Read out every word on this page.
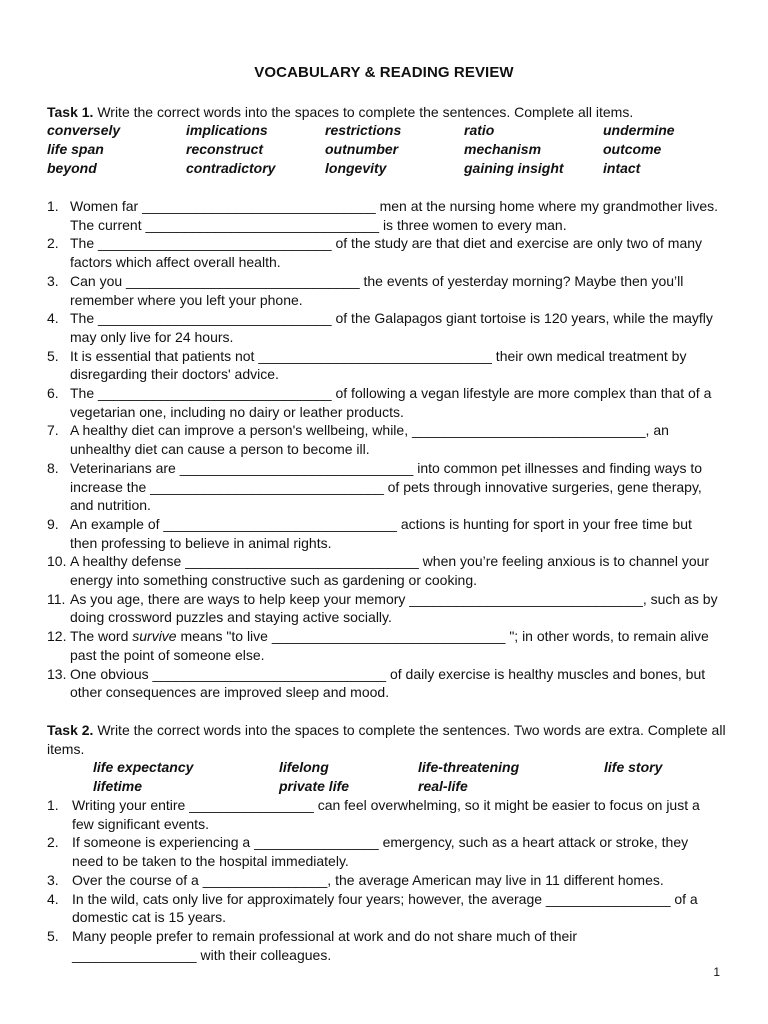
VOCABULARY & READING REVIEW
Task 1. Write the correct words into the spaces to complete the sentences. Complete all items.
conversely	implications	restrictions	ratio	undermine
life span	reconstruct	outnumber	mechanism	outcome
beyond	contradictory	longevity	gaining insight	intact
1. Women far ______________________________ men at the nursing home where my grandmother lives. The current ______________________________ is three women to every man.
2. The ______________________________ of the study are that diet and exercise are only two of many factors which affect overall health.
3. Can you ______________________________ the events of yesterday morning? Maybe then you’ll remember where you left your phone.
4. The ______________________________ of the Galapagos giant tortoise is 120 years, while the mayfly may only live for 24 hours.
5. It is essential that patients not ______________________________ their own medical treatment by disregarding their doctors' advice.
6. The ______________________________ of following a vegan lifestyle are more complex than that of a vegetarian one, including no dairy or leather products.
7. A healthy diet can improve a person's wellbeing, while, ______________________________, an unhealthy diet can cause a person to become ill.
8. Veterinarians are ______________________________ into common pet illnesses and finding ways to increase the ______________________________ of pets through innovative surgeries, gene therapy, and nutrition.
9. An example of ______________________________ actions is hunting for sport in your free time but then professing to believe in animal rights.
10. A healthy defense ______________________________ when you’re feeling anxious is to channel your energy into something constructive such as gardening or cooking.
11. As you age, there are ways to help keep your memory ______________________________, such as by doing crossword puzzles and staying active socially.
12. The word survive means "to live ______________________________ "; in other words, to remain alive past the point of someone else.
13. One obvious ______________________________ of daily exercise is healthy muscles and bones, but other consequences are improved sleep and mood.
Task 2. Write the correct words into the spaces to complete the sentences. Two words are extra. Complete all items.
life expectancy	lifelong	life-threatening	life story
lifetime	private life	real-life
1. Writing your entire ________________ can feel overwhelming, so it might be easier to focus on just a few significant events.
2. If someone is experiencing a ________________ emergency, such as a heart attack or stroke, they need to be taken to the hospital immediately.
3. Over the course of a ________________, the average American may live in 11 different homes.
4. In the wild, cats only live for approximately four years; however, the average ________________ of a domestic cat is 15 years.
5. Many people prefer to remain professional at work and do not share much of their ________________ with their colleagues.
1
